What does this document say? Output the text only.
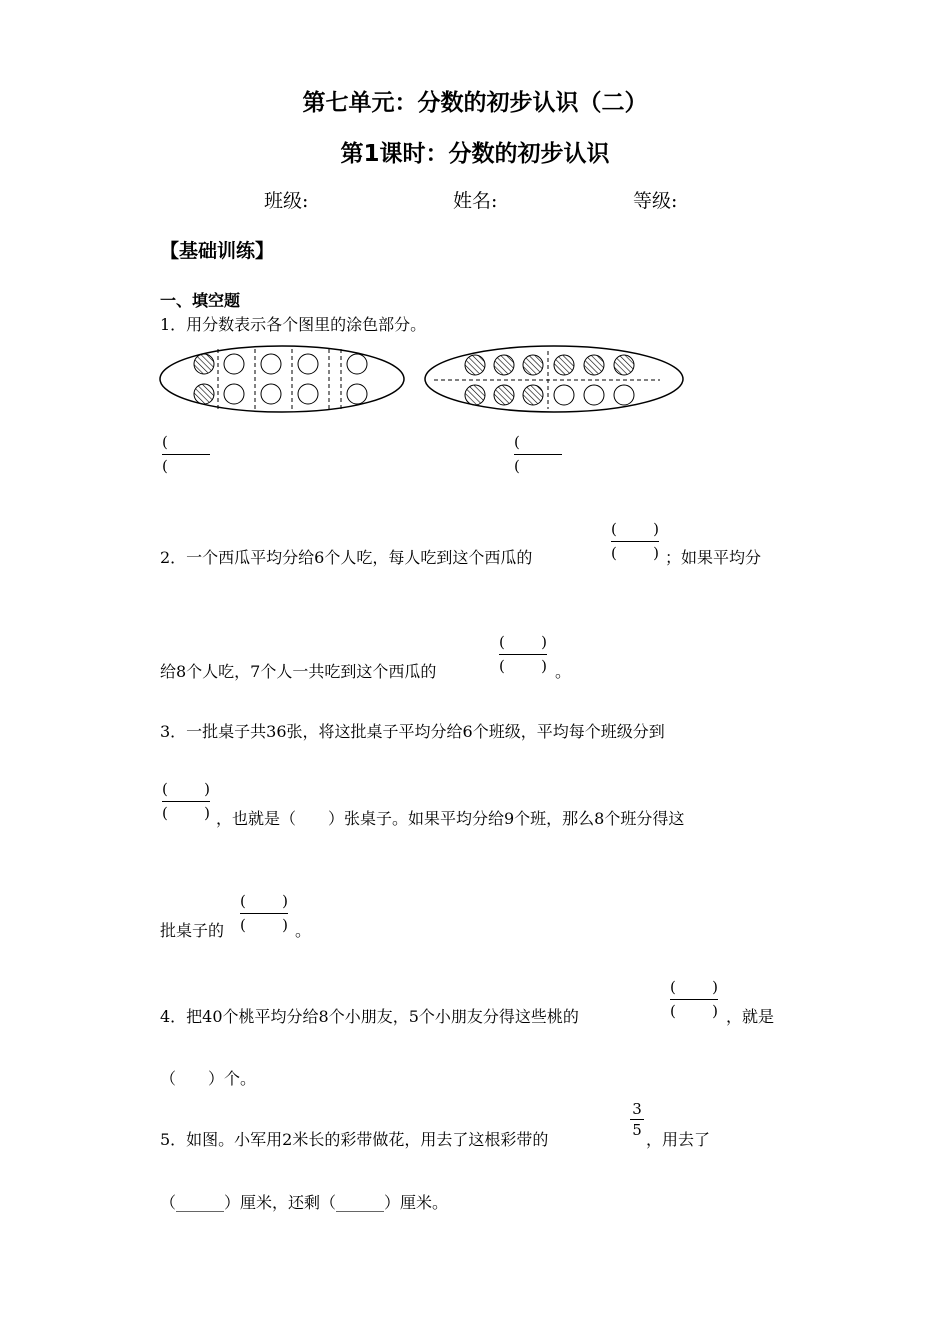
第七单元：分数的初步认识（二）
第1课时：分数的初步认识
班级:	姓名:	等级:
【基础训练】
一、填空题
1．用分数表示各个图里的涂色部分。
(
(
(
(
2．一个西瓜平均分给6个人吃，每人吃到这个西瓜的
( )
( ) ；如果平均分
给8个人吃，7个人一共吃到这个西瓜的
( )
( ) 。
3．一批桌子共36张，将这批桌子平均分给6个班级，平均每个班级分到
( )
( ) ，也就是（　　）张桌子。如果平均分给9个班，那么8个班分得这
批桌子的
( )
( ) 。
4．把40个桃平均分给8个小朋友，5个小朋友分得这些桃的
( )
( ) ，就是
（　　）个。
5．如图。小军用2米长的彩带做花，用去了这根彩带的
3
5 ，用去了
（______）厘米，还剩（______）厘米。
